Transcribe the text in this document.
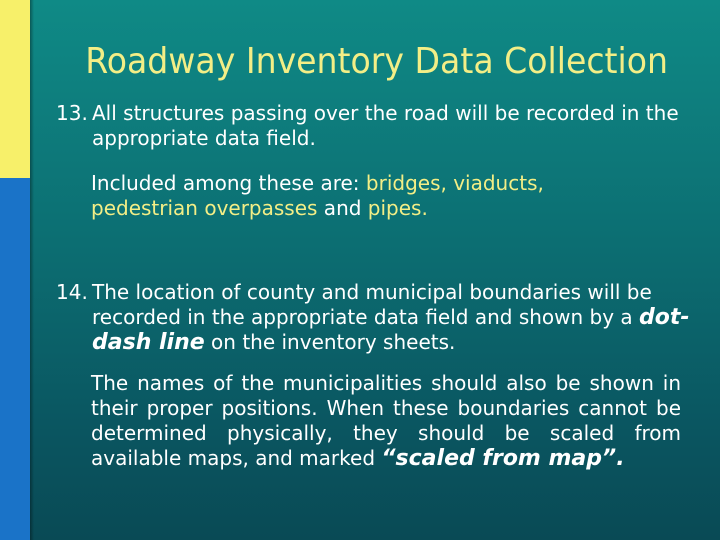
Roadway Inventory Data Collection
13. All structures passing over the road will be recorded in the appropriate data field.
Included among these are: bridges, viaducts,
pedestrian overpasses and pipes.
14. The location of county and municipal boundaries will be recorded in the appropriate data field and shown by a dot-dash line on the inventory sheets.
The names of the municipalities should also be shown in their proper positions. When these boundaries cannot be determined physically, they should be scaled from available maps, and marked “scaled from map”.
